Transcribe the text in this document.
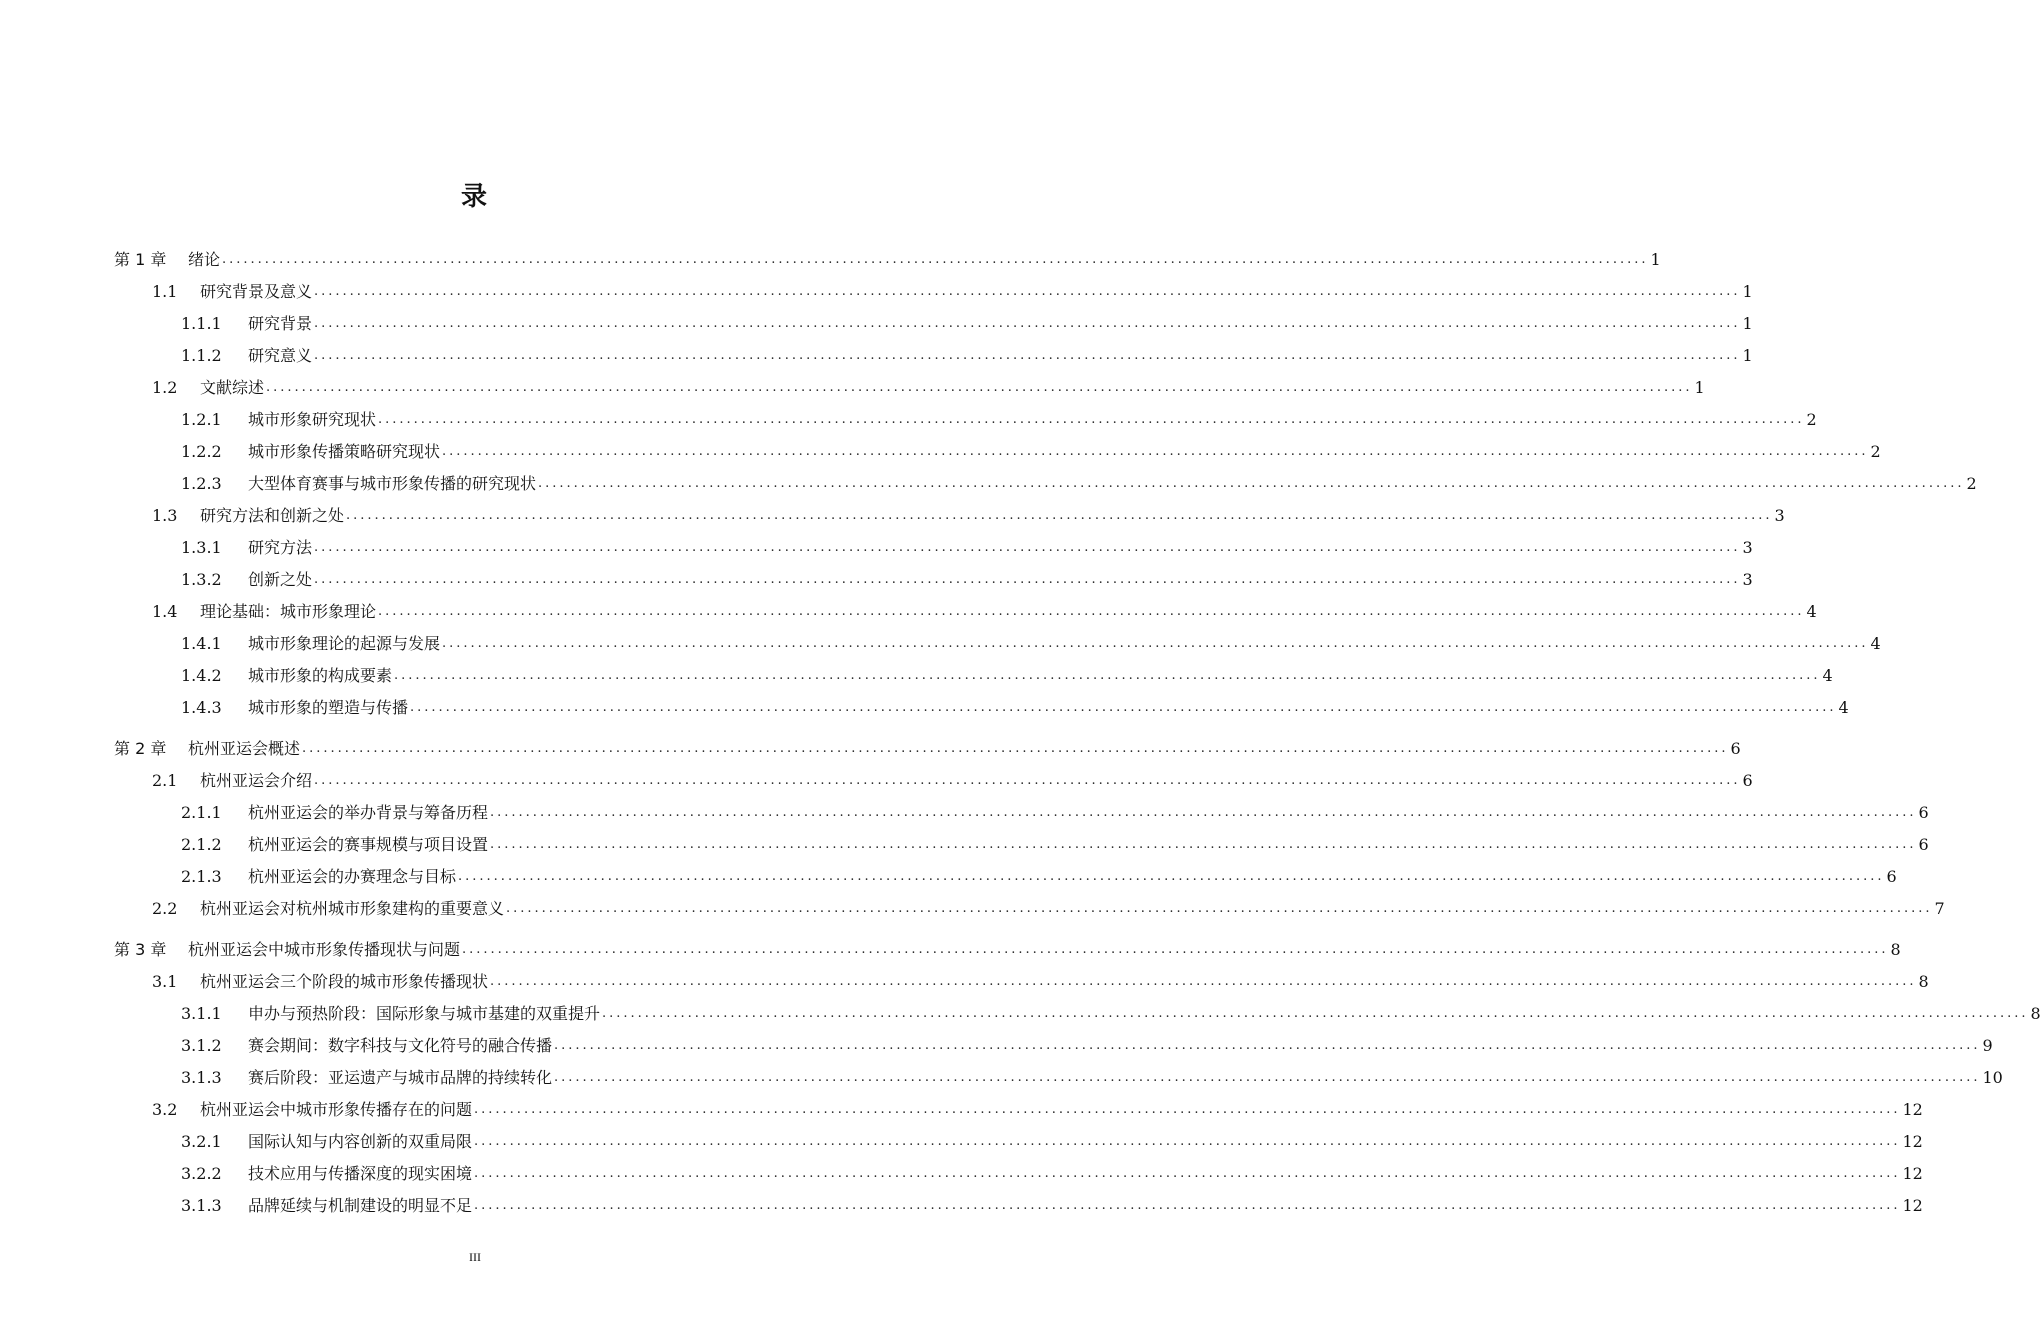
录
第 1 章	绪论 ........................................................................................................................................................................................................ 1
1.1	研究背景及意义 ........................................................................................................................................................................................................ 1
1.1.1	研究背景 ........................................................................................................................................................................................................ 1
1.1.2	研究意义 ........................................................................................................................................................................................................ 1
1.2	文献综述 ........................................................................................................................................................................................................ 1
1.2.1	城市形象研究现状 ........................................................................................................................................................................................................ 2
1.2.2	城市形象传播策略研究现状 ........................................................................................................................................................................................................ 2
1.2.3	大型体育赛事与城市形象传播的研究现状 ........................................................................................................................................................................................................ 2
1.3	研究方法和创新之处 ........................................................................................................................................................................................................ 3
1.3.1	研究方法 ........................................................................................................................................................................................................ 3
1.3.2	创新之处 ........................................................................................................................................................................................................ 3
1.4	理论基础：城市形象理论 ........................................................................................................................................................................................................ 4
1.4.1	城市形象理论的起源与发展 ........................................................................................................................................................................................................ 4
1.4.2	城市形象的构成要素 ........................................................................................................................................................................................................ 4
1.4.3	城市形象的塑造与传播 ........................................................................................................................................................................................................ 4
第 2 章	杭州亚运会概述 ........................................................................................................................................................................................................ 6
2.1	杭州亚运会介绍 ........................................................................................................................................................................................................ 6
2.1.1	杭州亚运会的举办背景与筹备历程 ........................................................................................................................................................................................................ 6
2.1.2	杭州亚运会的赛事规模与项目设置 ........................................................................................................................................................................................................ 6
2.1.3	杭州亚运会的办赛理念与目标 ........................................................................................................................................................................................................ 6
2.2	杭州亚运会对杭州城市形象建构的重要意义 ........................................................................................................................................................................................................ 7
第 3 章	杭州亚运会中城市形象传播现状与问题 ........................................................................................................................................................................................................ 8
3.1	杭州亚运会三个阶段的城市形象传播现状 ........................................................................................................................................................................................................ 8
3.1.1	申办与预热阶段：国际形象与城市基建的双重提升 ........................................................................................................................................................................................................ 8
3.1.2	赛会期间：数字科技与文化符号的融合传播 ........................................................................................................................................................................................................ 9
3.1.3	赛后阶段：亚运遗产与城市品牌的持续转化 ........................................................................................................................................................................................................ 10
3.2	杭州亚运会中城市形象传播存在的问题 ........................................................................................................................................................................................................ 12
3.2.1	国际认知与内容创新的双重局限 ........................................................................................................................................................................................................ 12
3.2.2	技术应用与传播深度的现实困境 ........................................................................................................................................................................................................ 12
3.1.3	品牌延续与机制建设的明显不足 ........................................................................................................................................................................................................ 12
III
